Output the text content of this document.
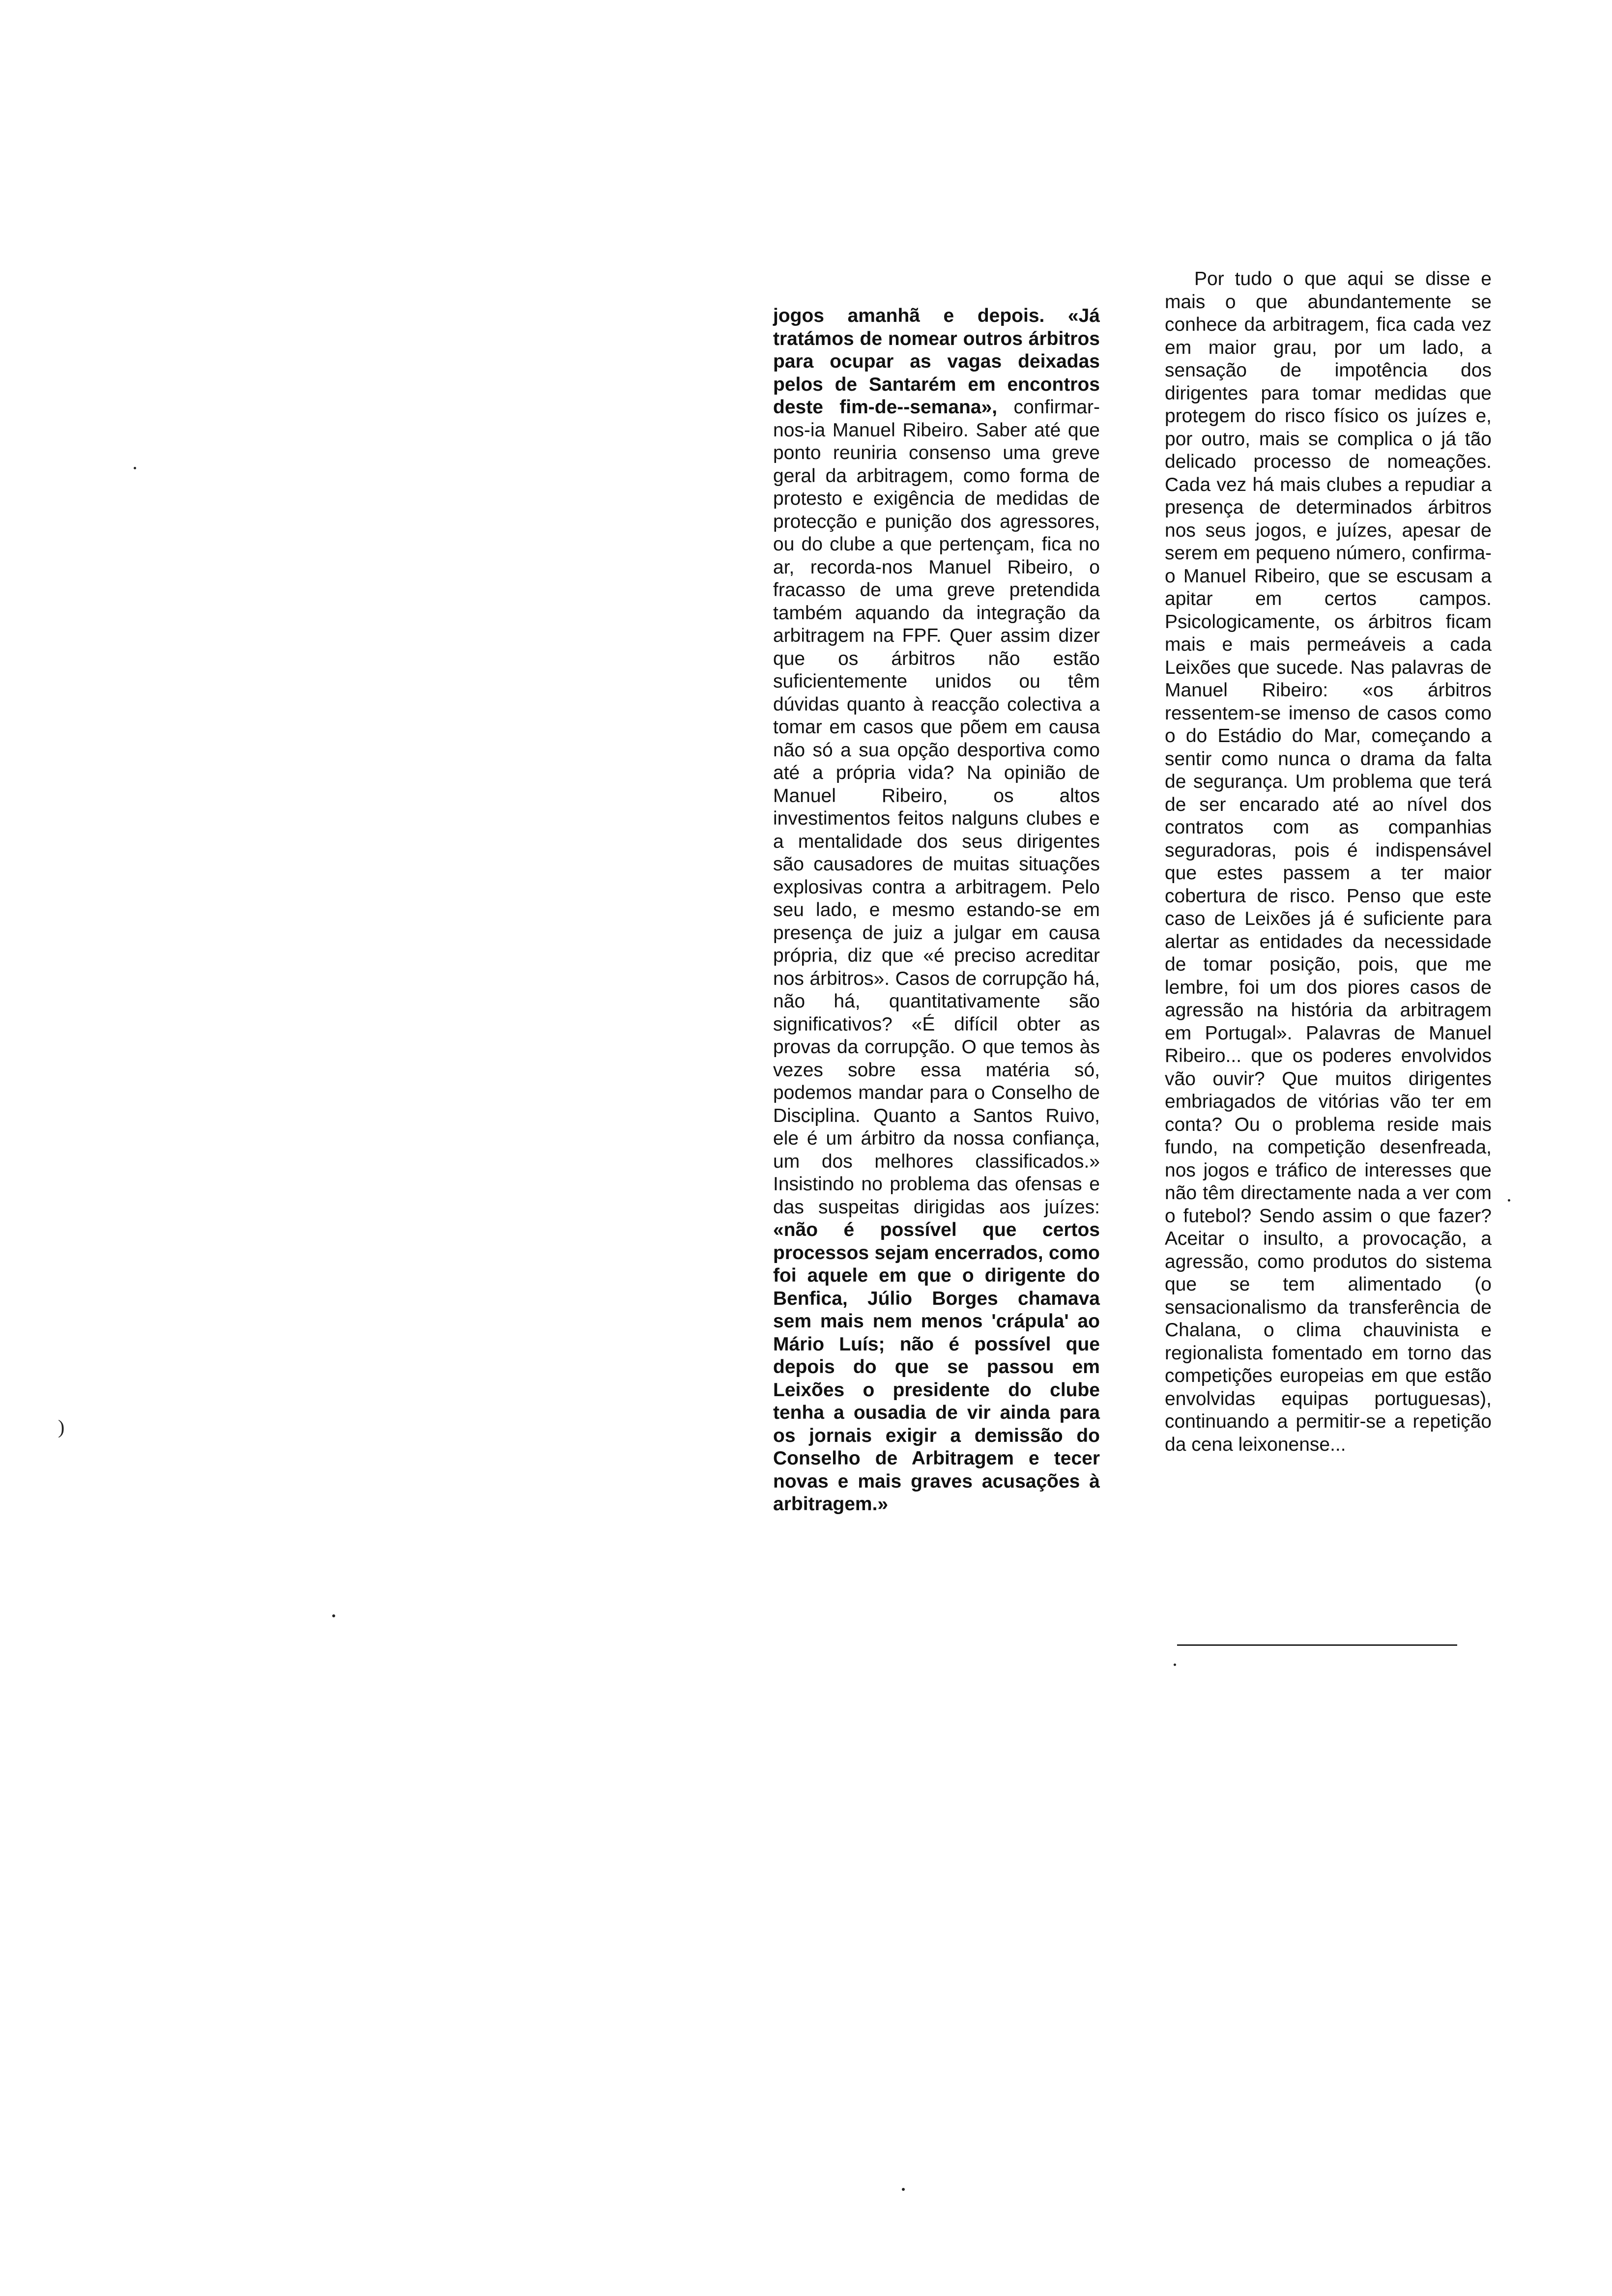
jogos amanhã e depois. «Já tratámos de nomear outros árbitros para ocupar as vagas deixadas pelos de Santarém em encontros deste fim-de--semana», confirmar-nos-ia Manuel Ribeiro. Saber até que ponto reuniria consenso uma greve geral da arbitragem, como forma de protesto e exigência de medidas de protecção e punição dos agressores, ou do clube a que pertençam, fica no ar, recorda-nos Manuel Ribeiro, o fracasso de uma greve pretendida também aquando da integração da arbitragem na FPF. Quer assim dizer que os árbitros não estão suficientemente unidos ou têm dúvidas quanto à reacção colectiva a tomar em casos que põem em causa não só a sua opção desportiva como até a própria vida? Na opinião de Manuel Ribeiro, os altos investimentos feitos nalguns clubes e a mentalidade dos seus dirigentes são causadores de muitas situações explosivas contra a arbitragem. Pelo seu lado, e mesmo estando-se em presença de juiz a julgar em causa própria, diz que «é preciso acreditar nos árbitros». Casos de corrupção há, não há, quantitativamente são significativos? «É difícil obter as provas da corrupção. O que temos às vezes sobre essa matéria só, podemos mandar para o Conselho de Disciplina. Quanto a Santos Ruivo, ele é um árbitro da nossa confiança, um dos melhores classificados.» Insistindo no problema das ofensas e das suspeitas dirigidas aos juízes: «não é possível que certos processos sejam encerrados, como foi aquele em que o dirigente do Benfica, Júlio Borges chamava sem mais nem menos 'crápula' ao Mário Luís; não é possível que depois do que se passou em Leixões o presidente do clube tenha a ousadia de vir ainda para os jornais exigir a demissão do Conselho de Arbitragem e tecer novas e mais graves acusações à arbitragem.»

Por tudo o que aqui se disse e mais o que abundantemente se conhece da arbitragem, fica cada vez em maior grau, por um lado, a sensação de impotência dos dirigentes para tomar medidas que protegem do risco físico os juízes e, por outro, mais se complica o já tão delicado processo de nomeações. Cada vez há mais clubes a repudiar a presença de determinados árbitros nos seus jogos, e juízes, apesar de serem em pequeno número, confirma-o Manuel Ribeiro, que se escusam a apitar em certos campos. Psicologicamente, os árbitros ficam mais e mais permeáveis a cada Leixões que sucede. Nas palavras de Manuel Ribeiro: «os árbitros ressentem-se imenso de casos como o do Estádio do Mar, começando a sentir como nunca o drama da falta de segurança. Um problema que terá de ser encarado até ao nível dos contratos com as companhias seguradoras, pois é indispensável que estes passem a ter maior cobertura de risco. Penso que este caso de Leixões já é suficiente para alertar as entidades da necessidade de tomar posição, pois, que me lembre, foi um dos piores casos de agressão na história da arbitragem em Portugal». Palavras de Manuel Ribeiro... que os poderes envolvidos vão ouvir? Que muitos dirigentes embriagados de vitórias vão ter em conta? Ou o problema reside mais fundo, na competição desenfreada, nos jogos e tráfico de interesses que não têm directamente nada a ver com o futebol? Sendo assim o que fazer? Aceitar o insulto, a provocação, a agressão, como produtos do sistema que se tem alimentado (o sensacionalismo da transferência de Chalana, o clima chauvinista e regionalista fomentado em torno das competições europeias em que estão envolvidas equipas portuguesas), continuando a permitir-se a repetição da cena leixonense...

)
